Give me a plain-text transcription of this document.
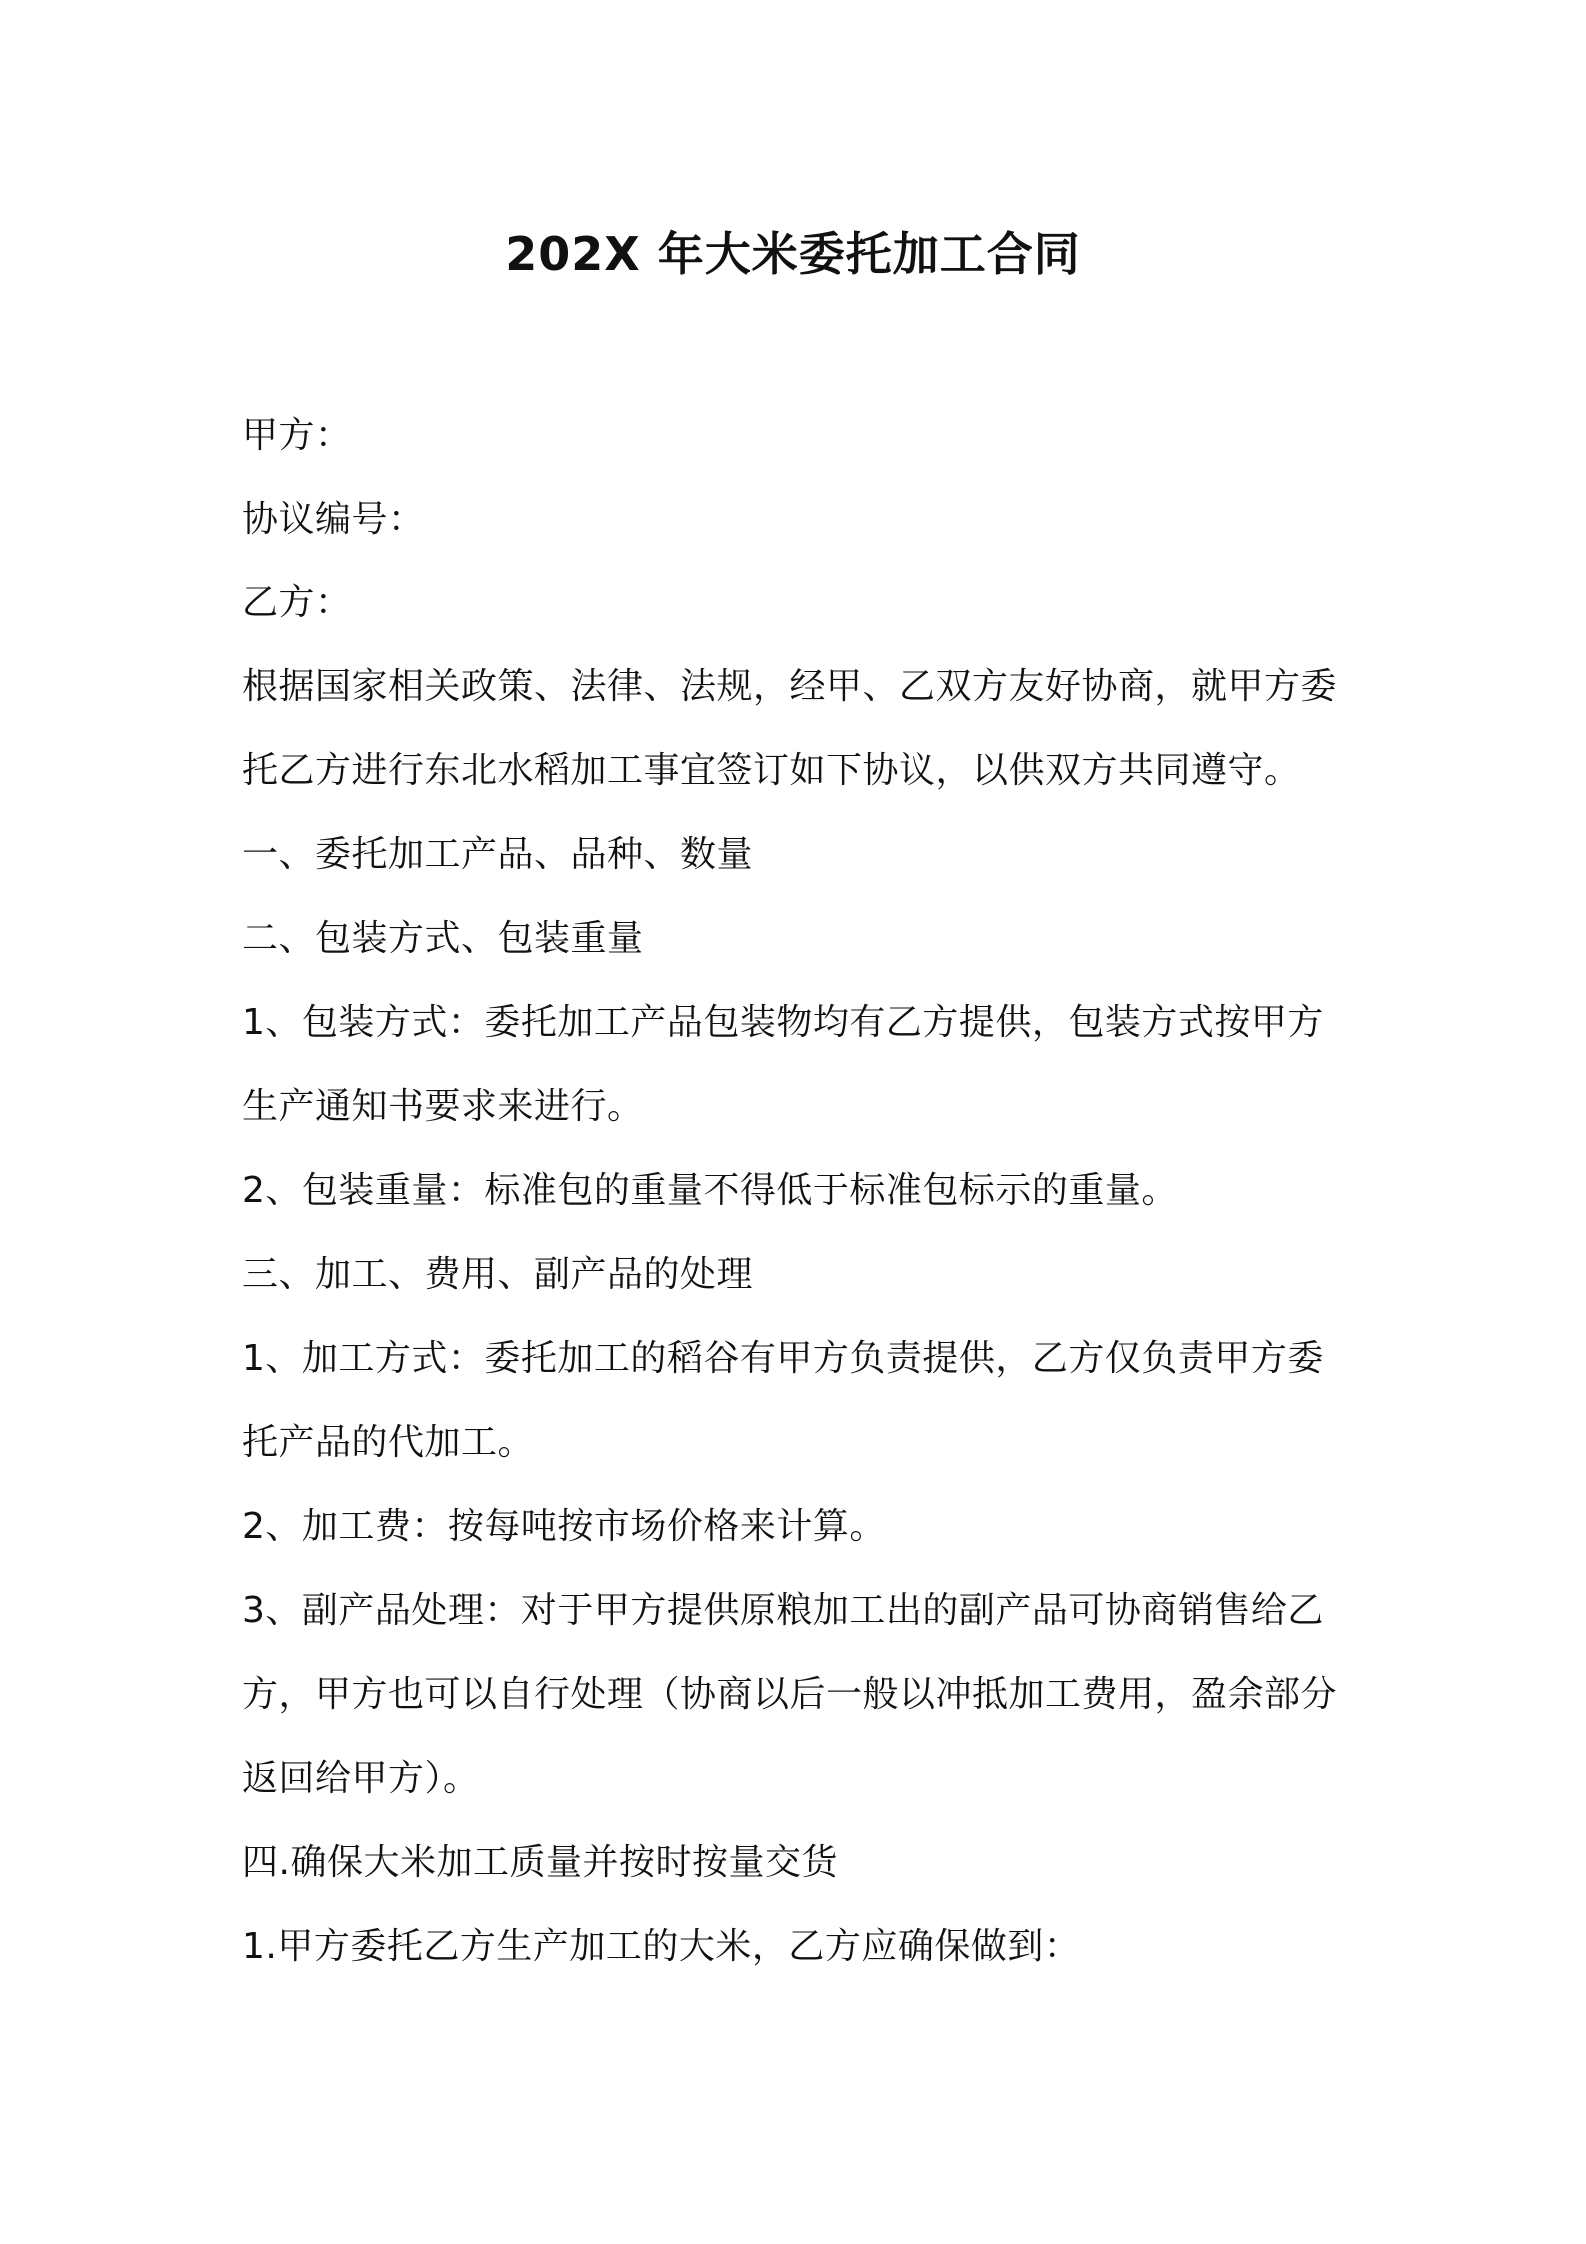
202X 年大米委托加工合同
甲方：
协议编号：
乙方：
根据国家相关政策、法律、法规，经甲、乙双方友好协商，就甲方委
托乙方进行东北水稻加工事宜签订如下协议，以供双方共同遵守。
一、委托加工产品、品种、数量
二、包装方式、包装重量
1、包装方式：委托加工产品包装物均有乙方提供，包装方式按甲方
生产通知书要求来进行。
2、包装重量：标准包的重量不得低于标准包标示的重量。
三、加工、费用、副产品的处理
1、加工方式：委托加工的稻谷有甲方负责提供，乙方仅负责甲方委
托产品的代加工。
2、加工费：按每吨按市场价格来计算。
3、副产品处理：对于甲方提供原粮加工出的副产品可协商销售给乙
方，甲方也可以自行处理（协商以后一般以冲抵加工费用，盈余部分
返回给甲方）。
四.确保大米加工质量并按时按量交货
1.甲方委托乙方生产加工的大米，乙方应确保做到：
